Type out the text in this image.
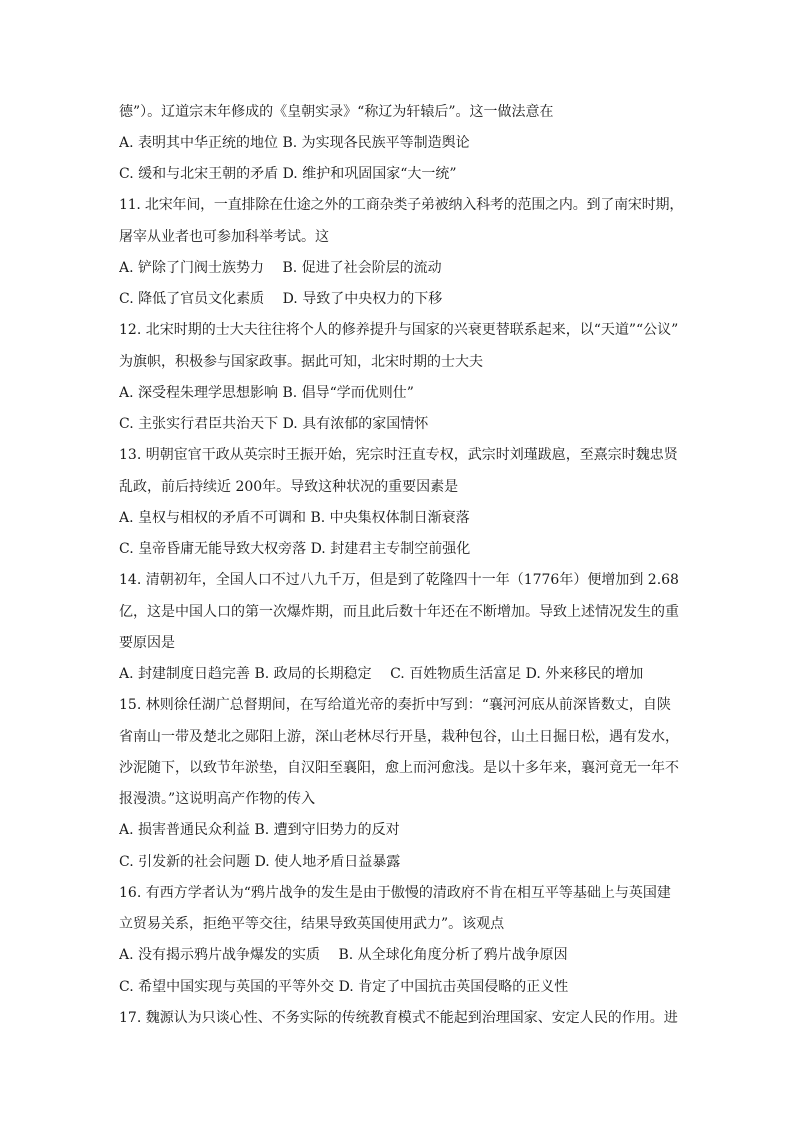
德”）。辽道宗末年修成的《皇朝实录》“称辽为轩辕后”。这一做法意在
A. 表明其中华正统的地位 B. 为实现各民族平等制造舆论
C. 缓和与北宋王朝的矛盾 D. 维护和巩固国家“大一统”
11. 北宋年间，一直排除在仕途之外的工商杂类子弟被纳入科考的范围之内。到了南宋时期，
屠宰从业者也可参加科举考试。这
A. 铲除了门阀士族势力　 B. 促进了社会阶层的流动
C. 降低了官员文化素质　 D. 导致了中央权力的下移
12. 北宋时期的士大夫往往将个人的修养提升与国家的兴衰更替联系起来，以“天道”“公议”
为旗帜，积极参与国家政事。据此可知，北宋时期的士大夫
A. 深受程朱理学思想影响 B. 倡导“学而优则仕”
C. 主张实行君臣共治天下 D. 具有浓郁的家国情怀
13. 明朝宦官干政从英宗时王振开始，宪宗时汪直专权，武宗时刘瑾跋扈，至熹宗时魏忠贤
乱政，前后持续近 200年。导致这种状况的重要因素是
A. 皇权与相权的矛盾不可调和 B. 中央集权体制日渐衰落
C. 皇帝昏庸无能导致大权旁落 D. 封建君主专制空前强化
14. 清朝初年，全国人口不过八九千万，但是到了乾隆四十一年（1776年）便增加到 2.68
亿，这是中国人口的第一次爆炸期，而且此后数十年还在不断增加。导致上述情况发生的重
要原因是
A. 封建制度日趋完善 B. 政局的长期稳定　 C. 百姓物质生活富足 D. 外来移民的增加
15. 林则徐任湖广总督期间，在写给道光帝的奏折中写到：“襄河河底从前深皆数丈，自陕
省南山一带及楚北之郧阳上游，深山老林尽行开垦，栽种包谷，山土日掘日松，遇有发水，
沙泥随下，以致节年淤垫，自汉阳至襄阳，愈上而河愈浅。是以十多年来，襄河竟无一年不
报漫溃。”这说明高产作物的传入
A. 损害普通民众利益 B. 遭到守旧势力的反对
C. 引发新的社会问题 D. 使人地矛盾日益暴露
16. 有西方学者认为“鸦片战争的发生是由于傲慢的清政府不肯在相互平等基础上与英国建
立贸易关系，拒绝平等交往，结果导致英国使用武力”。该观点
A. 没有揭示鸦片战争爆发的实质　 B. 从全球化角度分析了鸦片战争原因
C. 希望中国实现与英国的平等外交 D. 肯定了中国抗击英国侵略的正义性
17. 魏源认为只谈心性、不务实际的传统教育模式不能起到治理国家、安定人民的作用。进
